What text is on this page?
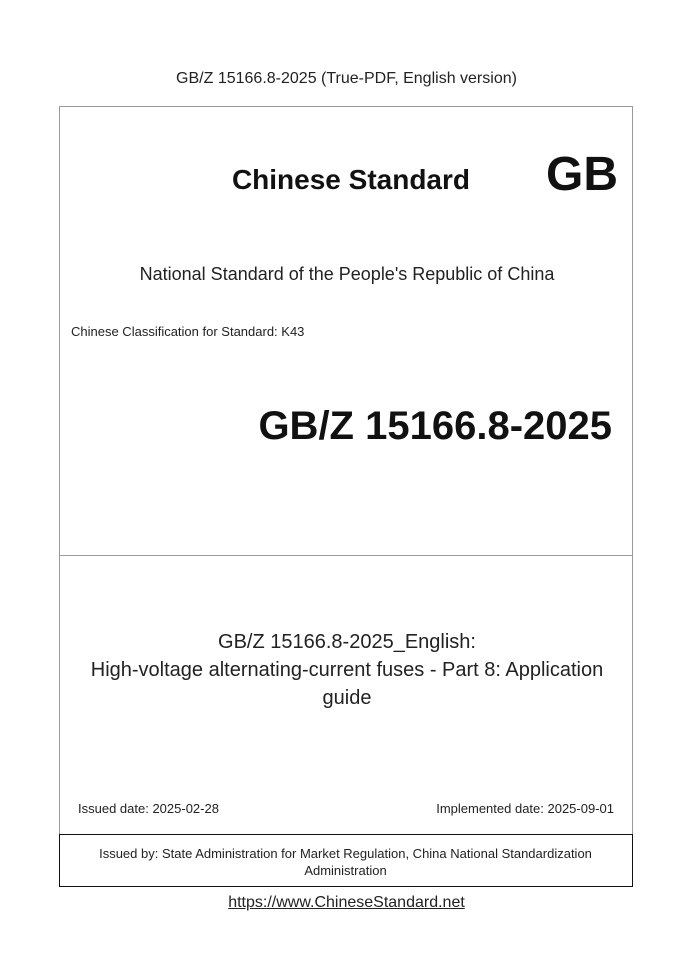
GB/Z 15166.8-2025 (True-PDF, English version)
Chinese Standard GB
National Standard of the People's Republic of China
Chinese Classification for Standard: K43
GB/Z 15166.8-2025
GB/Z 15166.8-2025_English:
High-voltage alternating-current fuses - Part 8: Application
guide
Issued date: 2025-02-28	Implemented date: 2025-09-01
Issued by: State Administration for Market Regulation, China National Standardization
Administration
https://www.ChineseStandard.net
